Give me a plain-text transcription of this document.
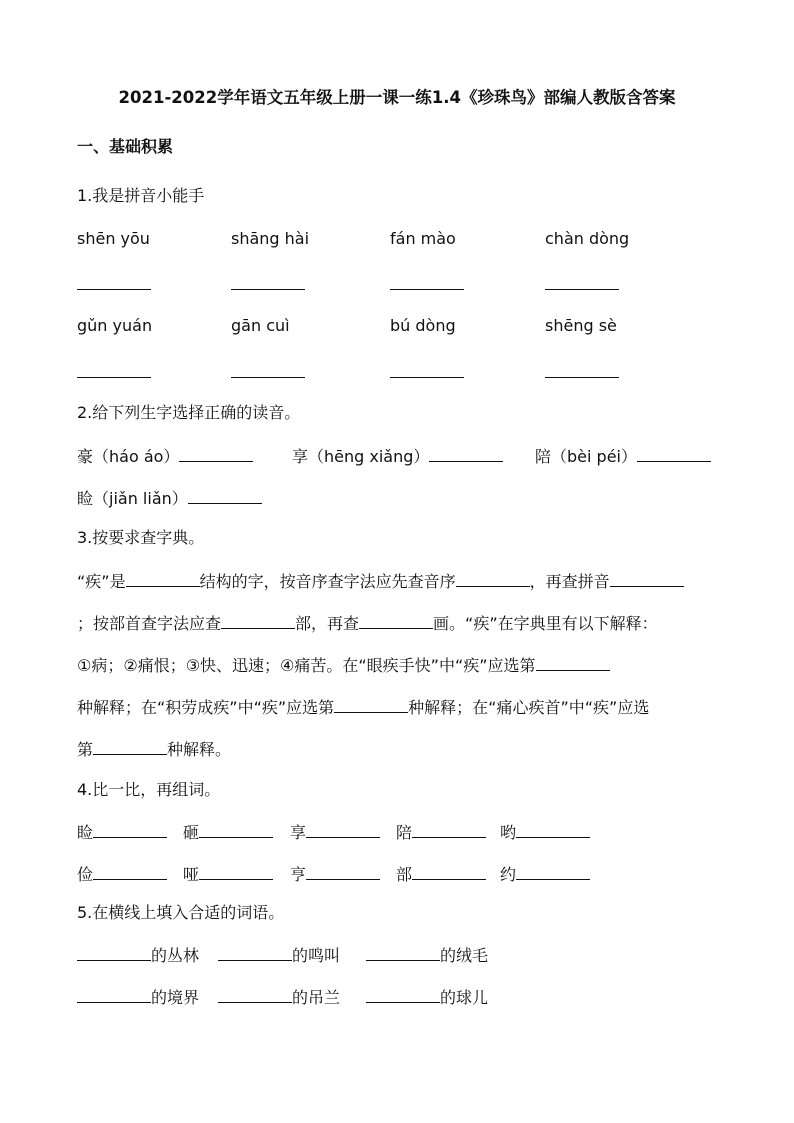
2021-2022学年语文五年级上册一课一练1.4《珍珠鸟》部编人教版含答案
一、基础积累
1.我是拼音小能手
shēn yōu	shāng hài	fán mào	chàn dòng
gǔn yuán	gān cuì	bú dòng	shēng sè
2.给下列生字选择正确的读音。
豪（háo áo）	享（hēng xiǎng）	陪（bèi péi）
睑（jiǎn liǎn）
3.按要求查字典。
“疾”是	结构的字，按音序查字法应先查音序	，再查拼音
；按部首查字法应查	部，再查	画。“疾”在字典里有以下解释：
①病；②痛恨；③快、迅速；④痛苦。在“眼疾手快”中“疾”应选第
种解释；在“积劳成疾”中“疾”应选第	种解释；在“痛心疾首”中“疾”应选
第	种解释。
4.比一比，再组词。
睑	砸	享	陪	哟
俭	哑	亨	部	约
5.在横线上填入合适的词语。
的丛林	的鸣叫	的绒毛
的境界	的吊兰	的球儿
